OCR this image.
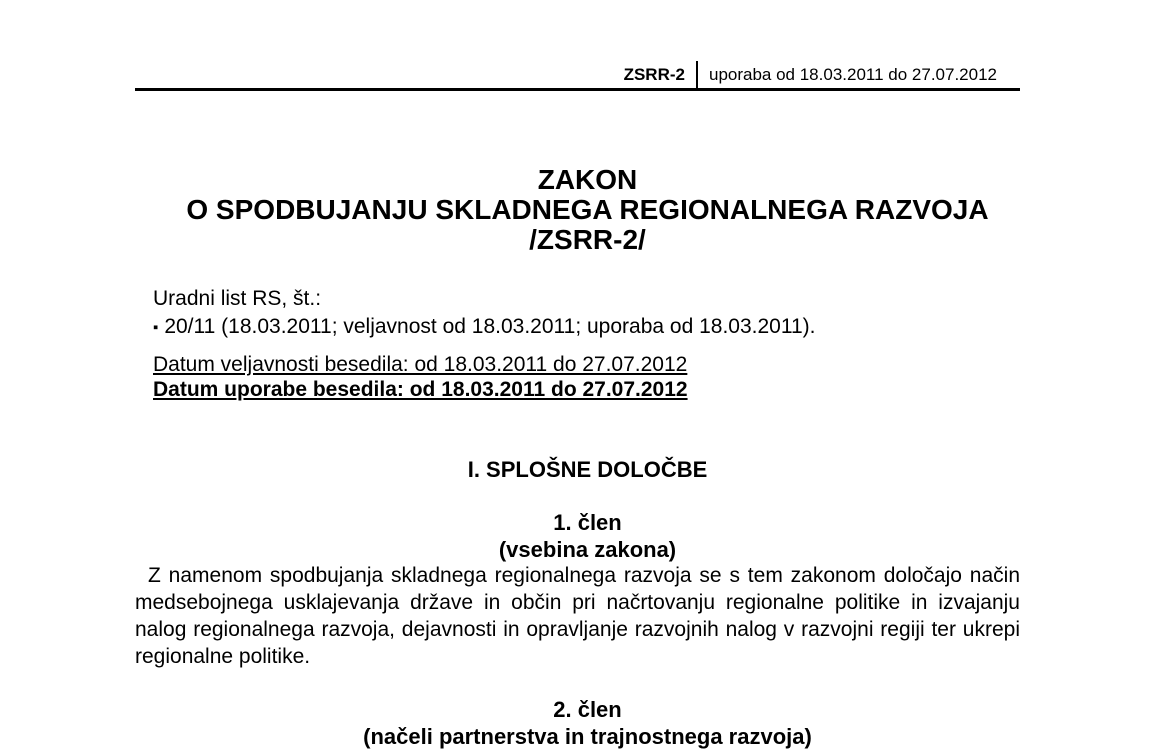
ZSRR-2 uporaba od 18.03.2011 do 27.07.2012
ZAKON
O SPODBUJANJU SKLADNEGA REGIONALNEGA RAZVOJA
/ZSRR-2/
Uradni list RS, št.:
▪ 20/11 (18.03.2011; veljavnost od 18.03.2011; uporaba od 18.03.2011).
Datum veljavnosti besedila: od 18.03.2011 do 27.07.2012
Datum uporabe besedila: od 18.03.2011 do 27.07.2012
I. SPLOŠNE DOLOČBE
1. člen
(vsebina zakona)
Z namenom spodbujanja skladnega regionalnega razvoja se s tem zakonom določajo način medsebojnega usklajevanja države in občin pri načrtovanju regionalne politike in izvajanju nalog regionalnega razvoja, dejavnosti in opravljanje razvojnih nalog v razvojni regiji ter ukrepi regionalne politike.
2. člen
(načeli partnerstva in trajnostnega razvoja)
